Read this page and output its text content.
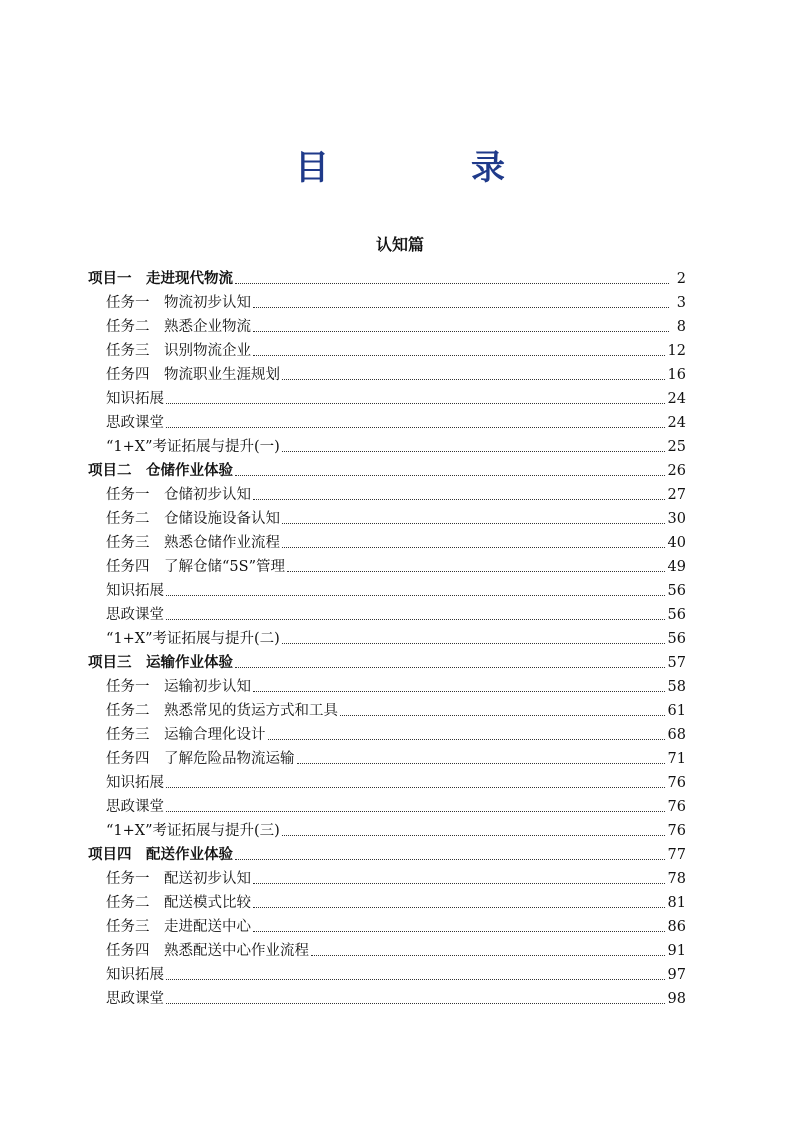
目　录
认知篇
项目一　走进现代物流	2
任务一　物流初步认知	3
任务二　熟悉企业物流	8
任务三　识别物流企业	12
任务四　物流职业生涯规划	16
知识拓展	24
思政课堂	24
“1+X”考证拓展与提升(一)	25
项目二　仓储作业体验	26
任务一　仓储初步认知	27
任务二　仓储设施设备认知	30
任务三　熟悉仓储作业流程	40
任务四　了解仓储“5S”管理	49
知识拓展	56
思政课堂	56
“1+X”考证拓展与提升(二)	56
项目三　运输作业体验	57
任务一　运输初步认知	58
任务二　熟悉常见的货运方式和工具	61
任务三　运输合理化设计	68
任务四　了解危险品物流运输	71
知识拓展	76
思政课堂	76
“1+X”考证拓展与提升(三)	76
项目四　配送作业体验	77
任务一　配送初步认知	78
任务二　配送模式比较	81
任务三　走进配送中心	86
任务四　熟悉配送中心作业流程	91
知识拓展	97
思政课堂	98
